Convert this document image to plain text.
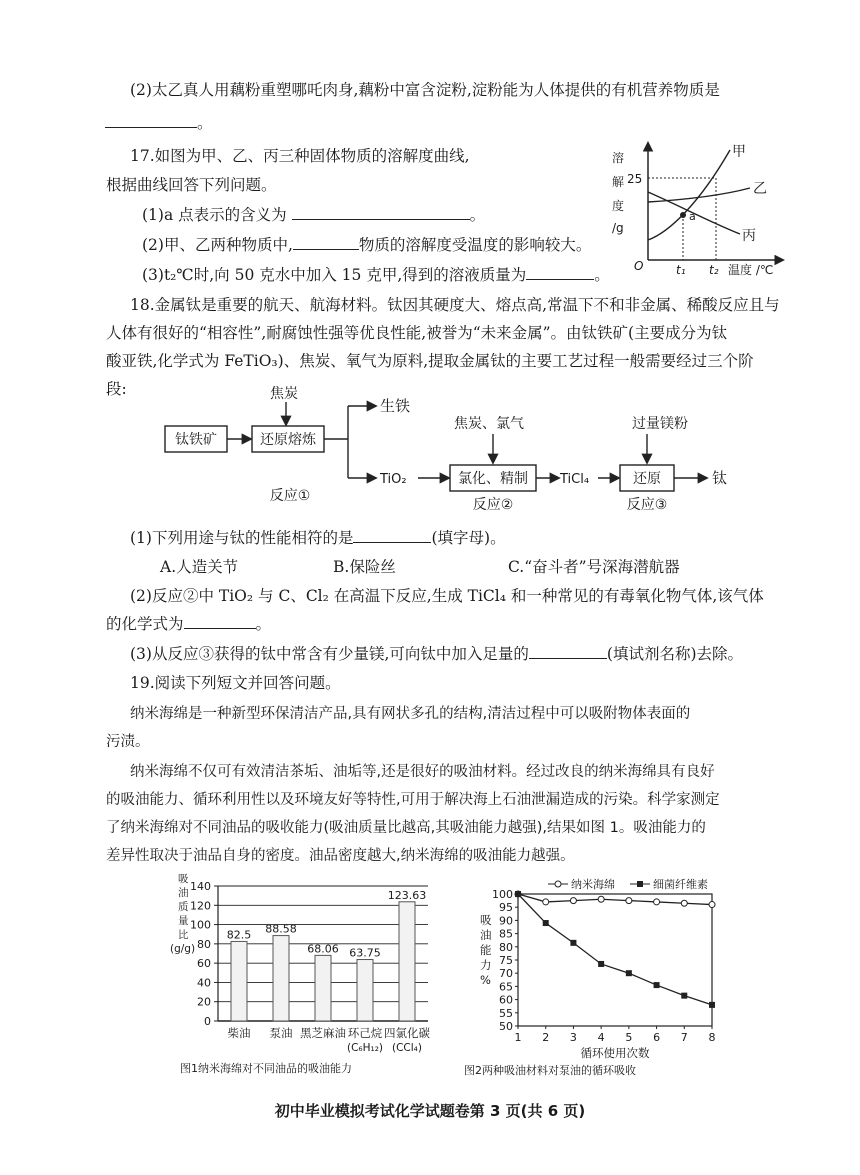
(2)太乙真人用藕粉重塑哪吒肉身,藕粉中富含淀粉,淀粉能为人体提供的有机营养物质是
。
17.如图为甲、乙、丙三种固体物质的溶解度曲线,
根据曲线回答下列问题。
(1)a 点表示的含义为	。
(2)甲、乙两种物质中,	物质的溶解度受温度的影响较大。
(3)t₂℃时,向 50 克水中加入 15 克甲,得到的溶液质量为	。
溶
解
度
/g
25
O
a
甲
乙
丙
t₁ t₂ 温度 /℃
18.金属钛是重要的航天、航海材料。钛因其硬度大、熔点高,常温下不和非金属、稀酸反应且与
人体有很好的“相容性”,耐腐蚀性强等优良性能,被誉为“未来金属”。由钛铁矿(主要成分为钛
酸亚铁,化学式为 FeTiO₃)、焦炭、氧气为原料,提取金属钛的主要工艺过程一般需要经过三个阶
段:
钛铁矿	还原熔炼
焦炭
生铁
TiO₂
焦炭、氯气
氯化、精制 TiCl₄
过量镁粉
还原	钛
反应①
反应②	反应③
(1)下列用途与钛的性能相符的是	(填字母)。
A.人造关节	B.保险丝	C.“奋斗者”号深海潜航器
(2)反应②中 TiO₂ 与 C、Cl₂ 在高温下反应,生成 TiCl₄ 和一种常见的有毒氧化物气体,该气体
的化学式为	。
(3)从反应③获得的钛中常含有少量镁,可向钛中加入足量的	(填试剂名称)去除。
19.阅读下列短文并回答问题。
纳米海绵是一种新型环保清洁产品,具有网状多孔的结构,清洁过程中可以吸附物体表面的
污渍。
纳米海绵不仅可有效清洁茶垢、油垢等,还是很好的吸油材料。经过改良的纳米海绵具有良好
的吸油能力、循环利用性以及环境友好等特性,可用于解决海上石油泄漏造成的污染。科学家测定
了纳米海绵对不同油品的吸收能力(吸油质量比越高,其吸油能力越强),结果如图 1。吸油能力的
差异性取决于油品自身的密度。油品密度越大,纳米海绵的吸油能力越强。
吸
油
质
量
比
(g/g)
0
20
40
60
80
100
120
140
82.5
柴油
88.58
泵油
68.06
黑芝麻油
63.75
环己烷
(C₆H₁₂)
123.63
四氯化碳
(CCl₄)
图1纳米海绵对不同油品的吸油能力
50
55
60
65
70
75
80
85
90
95
100
1 2 3 4 5 6 7 8
吸
油
能
力
%
循环使用次数
纳米海绵	细菌纤维素
图2两种吸油材料对泵油的循环吸收
初中毕业模拟考试化学试题卷第 3 页(共 6 页)
